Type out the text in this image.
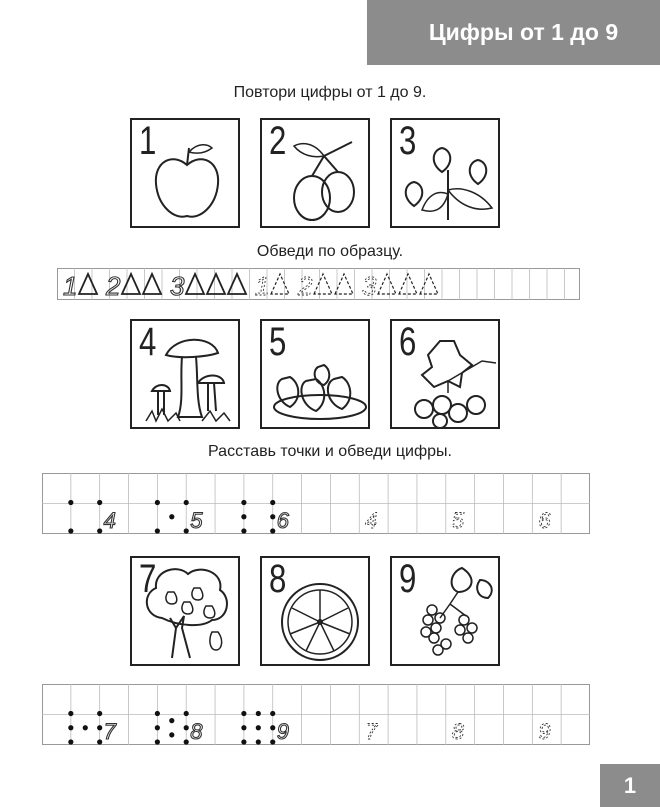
Цифры от 1 до 9
Повтори цифры от 1 до 9.
1	2	3
Обведи по образцу.
1 2 3	1 2 3
4	5	6
Расставь точки и обведи цифры.
4	5	6	4	5	6
7	8	9
7	8	9	7	8	9
1
